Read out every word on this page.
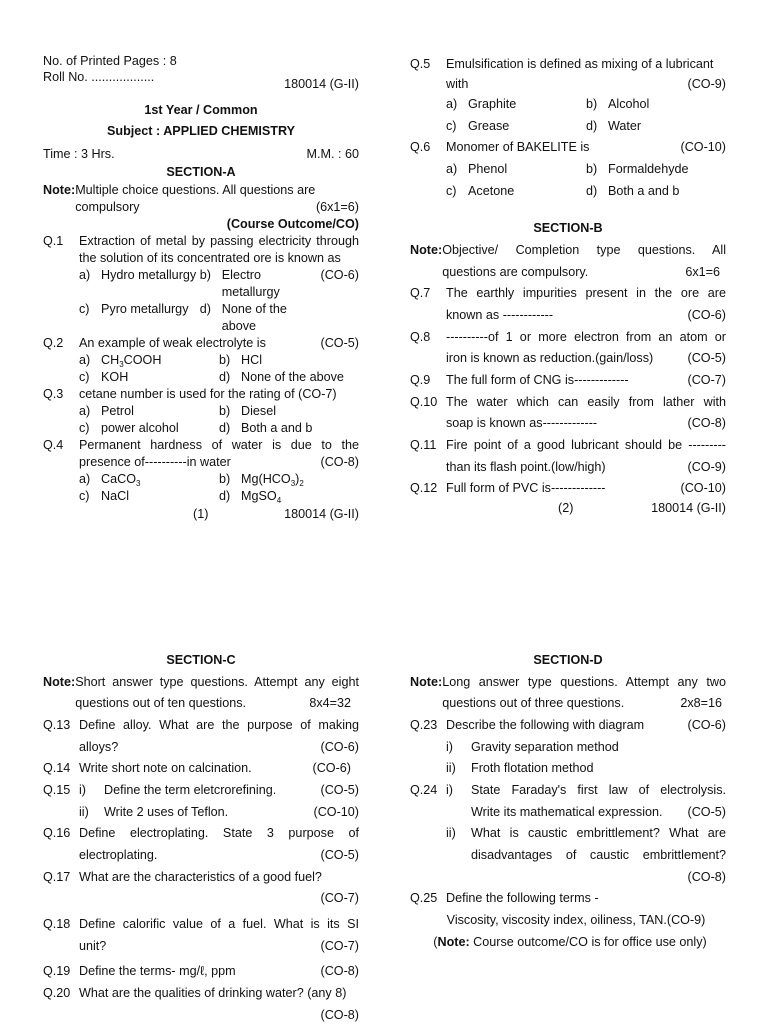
No. of Printed Pages : 8
Roll No. ..................	180014 (G-II)
1st Year / Common
Subject : APPLIED CHEMISTRY
Time : 3 Hrs.	M.M. : 60
SECTION-A
Note: Multiple choice questions. All questions are compulsory	(6x1=6)
(Course Outcome/CO)
Q.1	Extraction of metal by passing electricity through the solution of its concentrated ore is known as
(CO-6)

a) Hydro metallurgy b) Electro metallurgy
c) Pyro metallurgy d) None of the above
Q.2	An example of weak electrolyte is	(CO-5)

a) $CH_3COOH$	b) HCl
c) KOH	d) None of the above
Q.3	cetane number is used for the rating of (CO-7)

a) Petrol	b) Diesel
c) power alcohol	d) Both a and b
Q.4	Permanent hardness of water is due to the presence of----------in water	(CO-8)

a) CaCO$_3$	b) $Mg(HCO_3)_2$
c) NaCl	d) MgSO$_4$
(1)	180014 (G-II)
Q.5	Emulsification is defined as mixing of a lubricant with	(CO-9)

a) Graphite	b) Alcohol
c) Grease	d) Water
Q.6	Monomer of BAKELITE is	(CO-10)

a) Phenol	b) Formaldehyde
c) Acetone	d) Both a and b
SECTION-B
Note: Objective/ Completion type questions. All
questions are compulsory.	6x1=6
Q.7	The earthly impurities present in the ore are
known as ------------	(CO-6)
Q.8	----------of 1 or more electron from an atom or
iron is known as reduction.(gain/loss)	(CO-5)
Q.9	The full form of CNG is-------------	(CO-7)
Q.10 The water which can easily from lather with
soap is known as-------------	(CO-8)
Q.11 Fire point of a good lubricant should be ---------
than its flash point.(low/high)	(CO-9)
Q.12 Full form of PVC is-------------	(CO-10)
(2)	180014 (G-II)
SECTION-C
Note: Short answer type questions. Attempt any eight
questions out of ten questions.	8x4=32
Q.13 Define alloy. What are the purpose of making
alloys?	(CO-6)
Q.14 Write short note on calcination.	(CO-6)
Q.15 i)	Define the term eletcrorefining.	(CO-5)
ii)	Write 2 uses of Teflon.	(CO-10)
Q.16 Define electroplating. State 3 purpose of
electroplating.	(CO-5)
Q.17 What are the characteristics of a good fuel?
(CO-7)
Q.18 Define calorific value of a fuel. What is its SI
unit?	(CO-7)
Q.19 Define the terms- mg/ℓ, ppm	(CO-8)
Q.20 What are the qualities of drinking water? (any 8)
(CO-8)
SECTION-D
Note: Long answer type questions. Attempt any two
questions out of three questions.	2x8=16
Q.23 Describe the following with diagram	(CO-6)
i)	Gravity separation method
ii)	Froth flotation method
Q.24 i)	State Faraday's first law of electrolysis.
Write its mathematical expression. (CO-5)
ii)	What is caustic embrittlement? What are
disadvantages of caustic embrittlement?
(CO-8)
Q.25 Define the following terms -
Viscosity, viscosity index, oiliness, TAN.(CO-9)
(Note: Course outcome/CO is for office use only)
